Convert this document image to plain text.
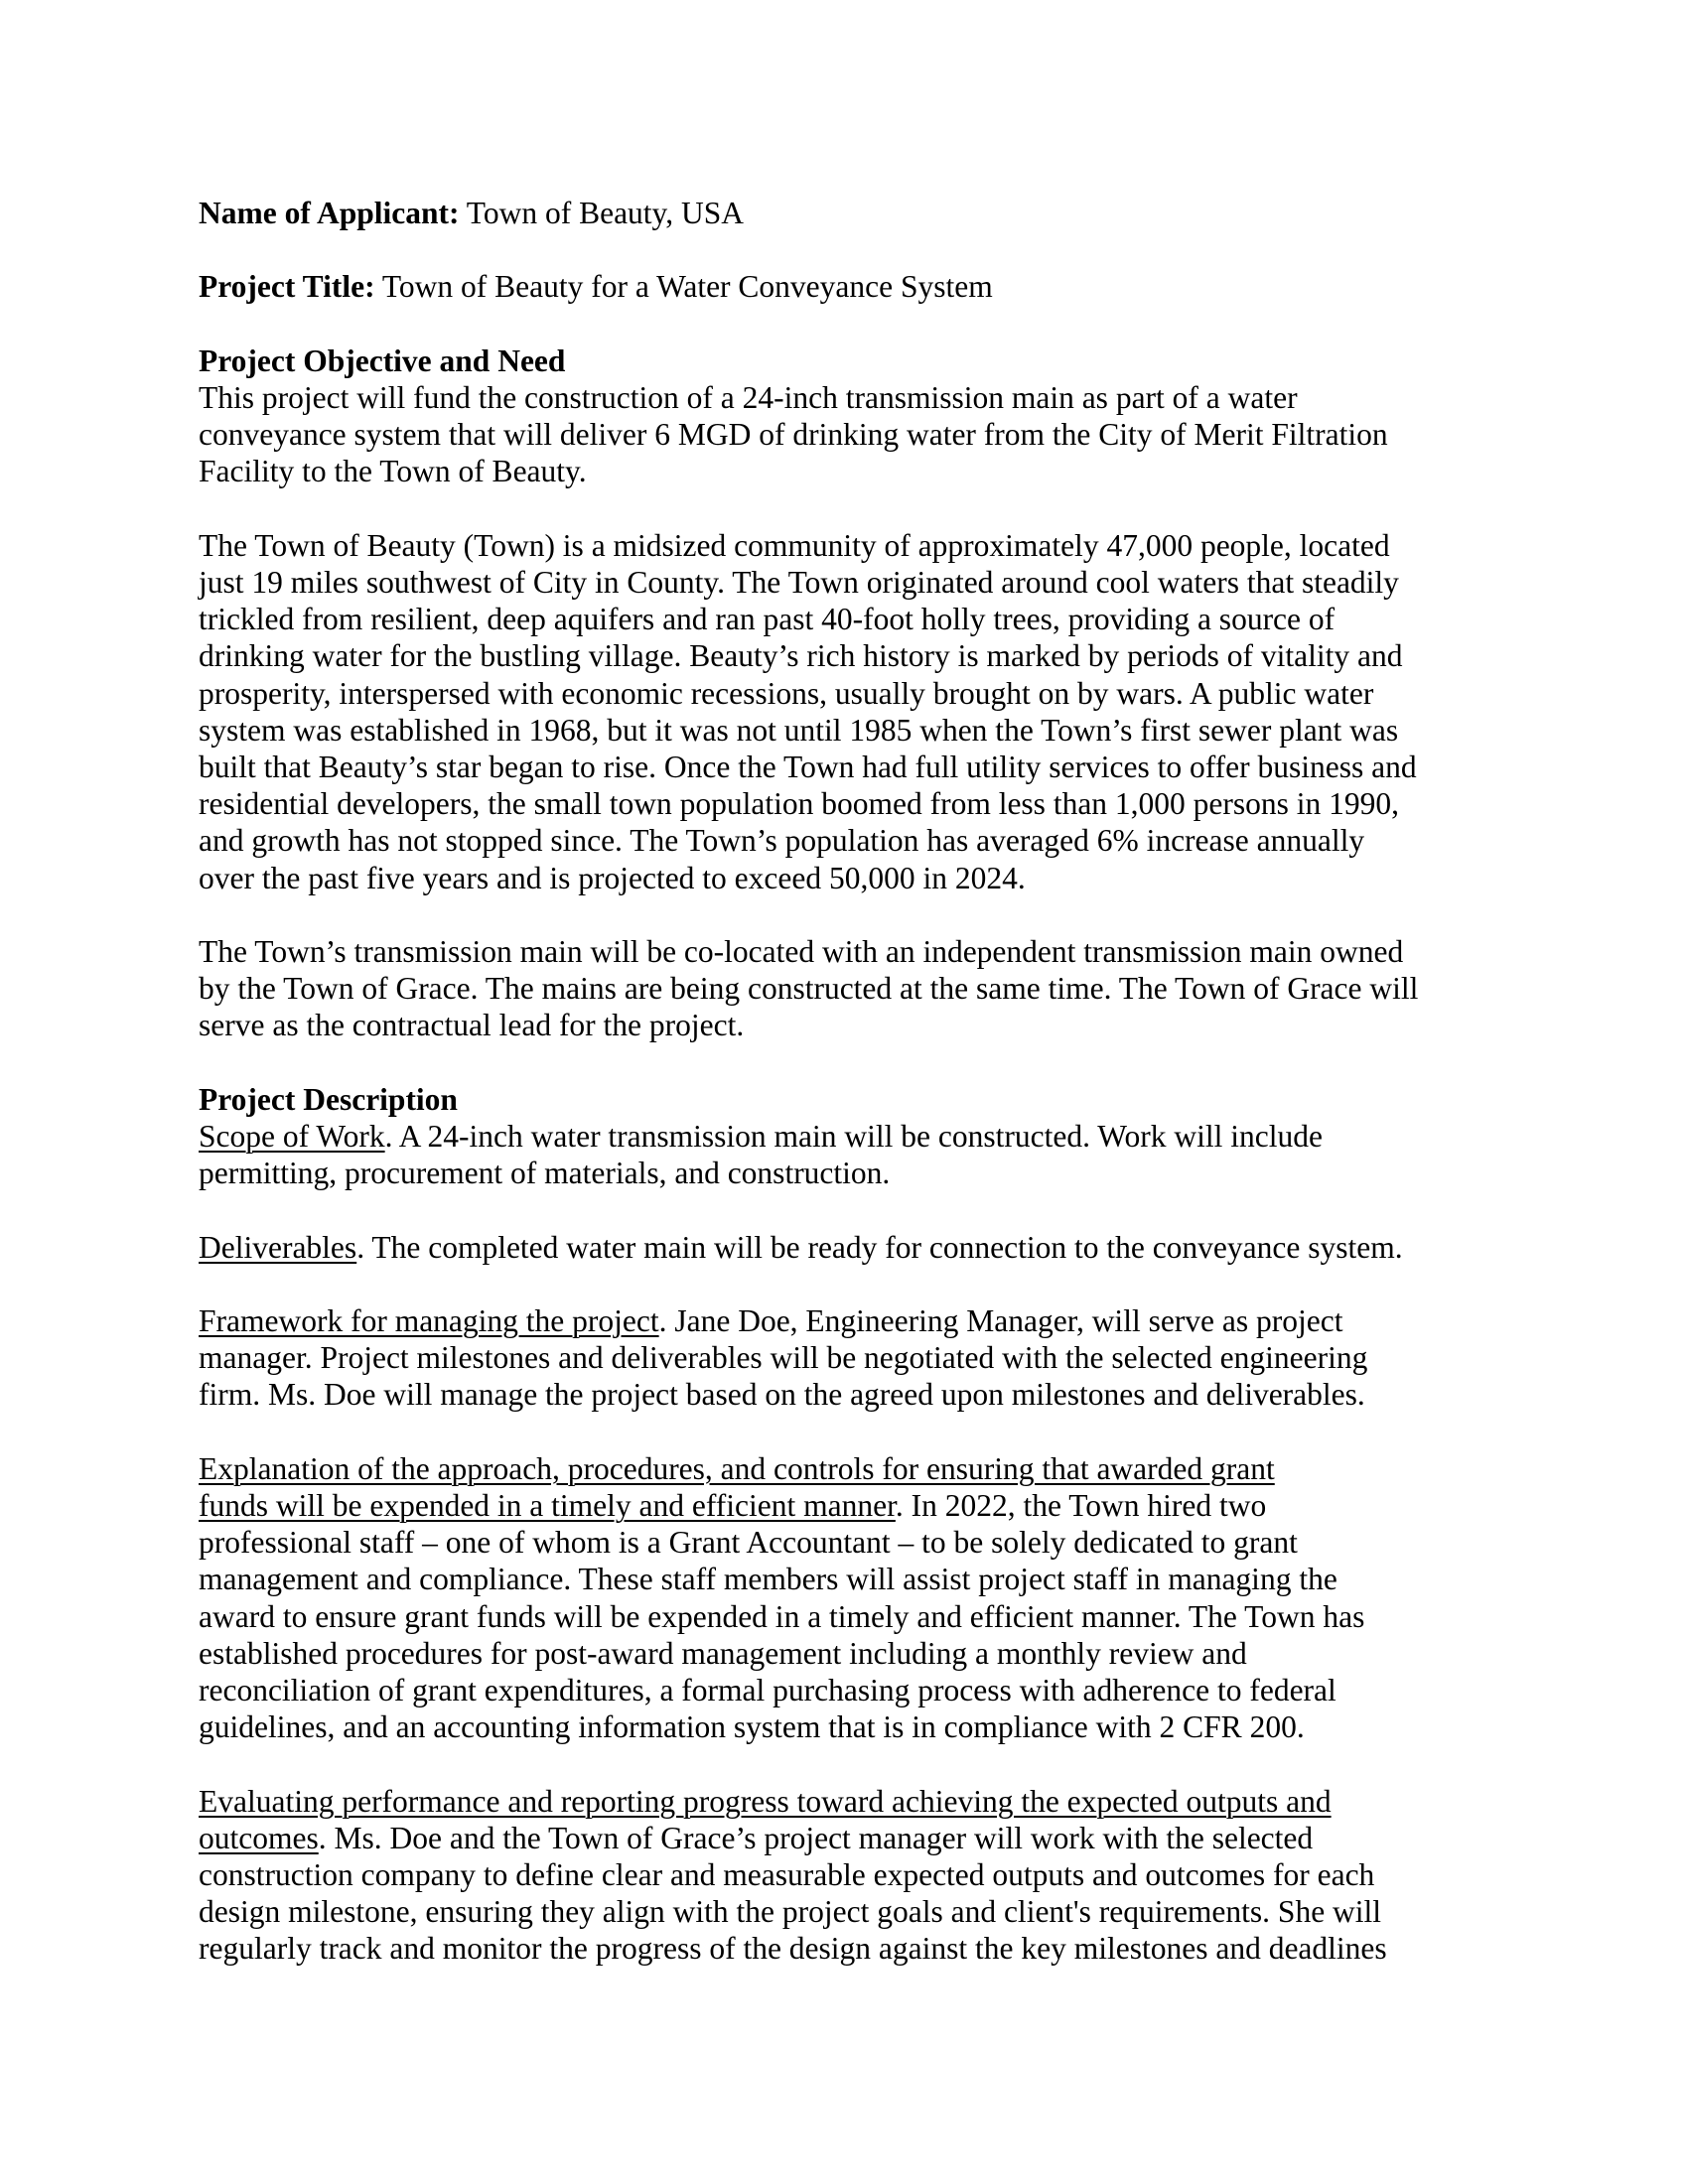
Name of Applicant: Town of Beauty, USA

Project Title: Town of Beauty for a Water Conveyance System

Project Objective and Need
This project will fund the construction of a 24-inch transmission main as part of a water
conveyance system that will deliver 6 MGD of drinking water from the City of Merit Filtration
Facility to the Town of Beauty.
The Town of Beauty (Town) is a midsized community of approximately 47,000 people, located
just 19 miles southwest of City in County. The Town originated around cool waters that steadily
trickled from resilient, deep aquifers and ran past 40-foot holly trees, providing a source of
drinking water for the bustling village. Beauty’s rich history is marked by periods of vitality and
prosperity, interspersed with economic recessions, usually brought on by wars. A public water
system was established in 1968, but it was not until 1985 when the Town’s first sewer plant was
built that Beauty’s star began to rise. Once the Town had full utility services to offer business and
residential developers, the small town population boomed from less than 1,000 persons in 1990,
and growth has not stopped since. The Town’s population has averaged 6% increase annually
over the past five years and is projected to exceed 50,000 in 2024.
The Town’s transmission main will be co-located with an independent transmission main owned
by the Town of Grace. The mains are being constructed at the same time. The Town of Grace will
serve as the contractual lead for the project.
Project Description
Scope of Work. A 24-inch water transmission main will be constructed. Work will include
permitting, procurement of materials, and construction.
Deliverables. The completed water main will be ready for connection to the conveyance system.
Framework for managing the project. Jane Doe, Engineering Manager, will serve as project
manager. Project milestones and deliverables will be negotiated with the selected engineering
firm. Ms. Doe will manage the project based on the agreed upon milestones and deliverables.
Explanation of the approach, procedures, and controls for ensuring that awarded grant
funds will be expended in a timely and efficient manner. In 2022, the Town hired two
professional staff – one of whom is a Grant Accountant – to be solely dedicated to grant
management and compliance. These staff members will assist project staff in managing the
award to ensure grant funds will be expended in a timely and efficient manner. The Town has
established procedures for post-award management including a monthly review and
reconciliation of grant expenditures, a formal purchasing process with adherence to federal
guidelines, and an accounting information system that is in compliance with 2 CFR 200.
Evaluating performance and reporting progress toward achieving the expected outputs and
outcomes. Ms. Doe and the Town of Grace’s project manager will work with the selected
construction company to define clear and measurable expected outputs and outcomes for each
design milestone, ensuring they align with the project goals and client's requirements. She will
regularly track and monitor the progress of the design against the key milestones and deadlines
